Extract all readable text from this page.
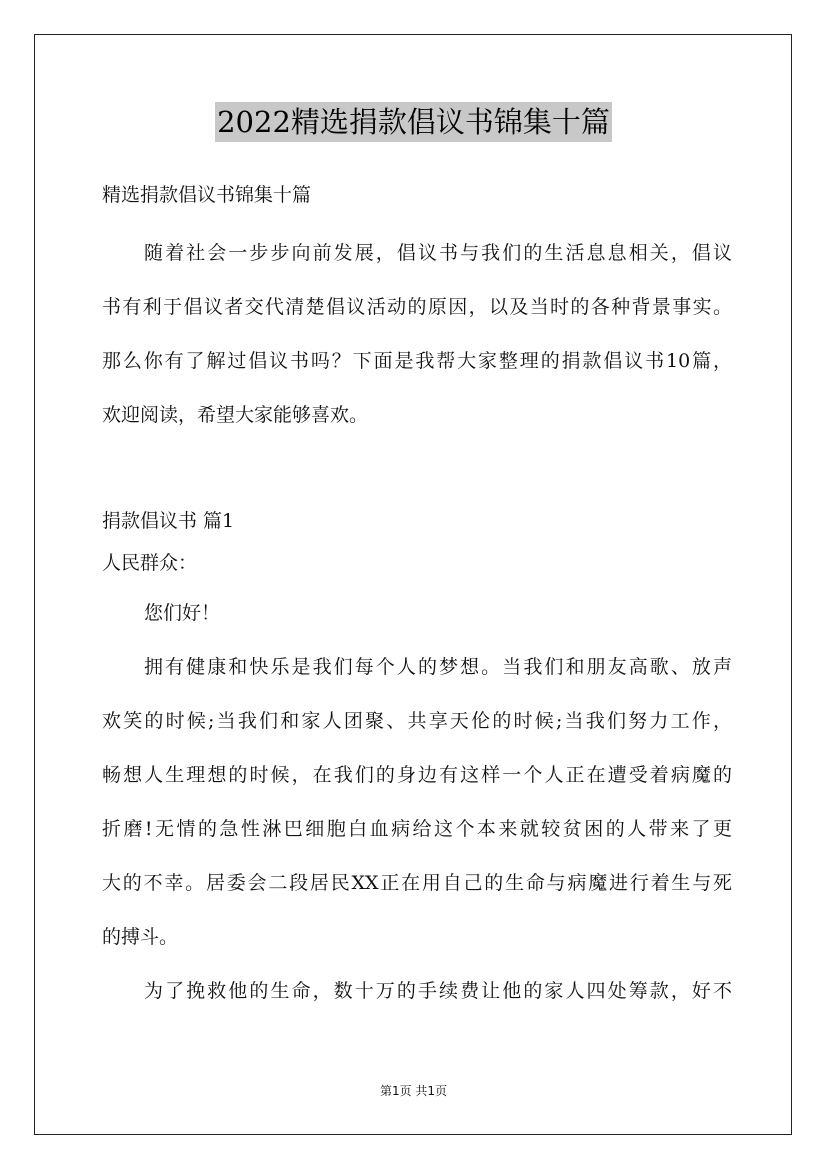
2022精选捐款倡议书锦集十篇
精选捐款倡议书锦集十篇
随着社会一步步向前发展，倡议书与我们的生活息息相关，倡议
书有利于倡议者交代清楚倡议活动的原因，以及当时的各种背景事实。
那么你有了解过倡议书吗？下面是我帮大家整理的捐款倡议书10篇，
欢迎阅读，希望大家能够喜欢。
捐款倡议书 篇1
人民群众：
您们好！
拥有健康和快乐是我们每个人的梦想。当我们和朋友高歌、放声
欢笑的时候;当我们和家人团聚、共享天伦的时候;当我们努力工作，
畅想人生理想的时候，在我们的身边有这样一个人正在遭受着病魔的
折磨!无情的急性淋巴细胞白血病给这个本来就较贫困的人带来了更
大的不幸。居委会二段居民XX正在用自己的生命与病魔进行着生与死
的搏斗。
为了挽救他的生命，数十万的手续费让他的家人四处筹款，好不
第1页 共1页
